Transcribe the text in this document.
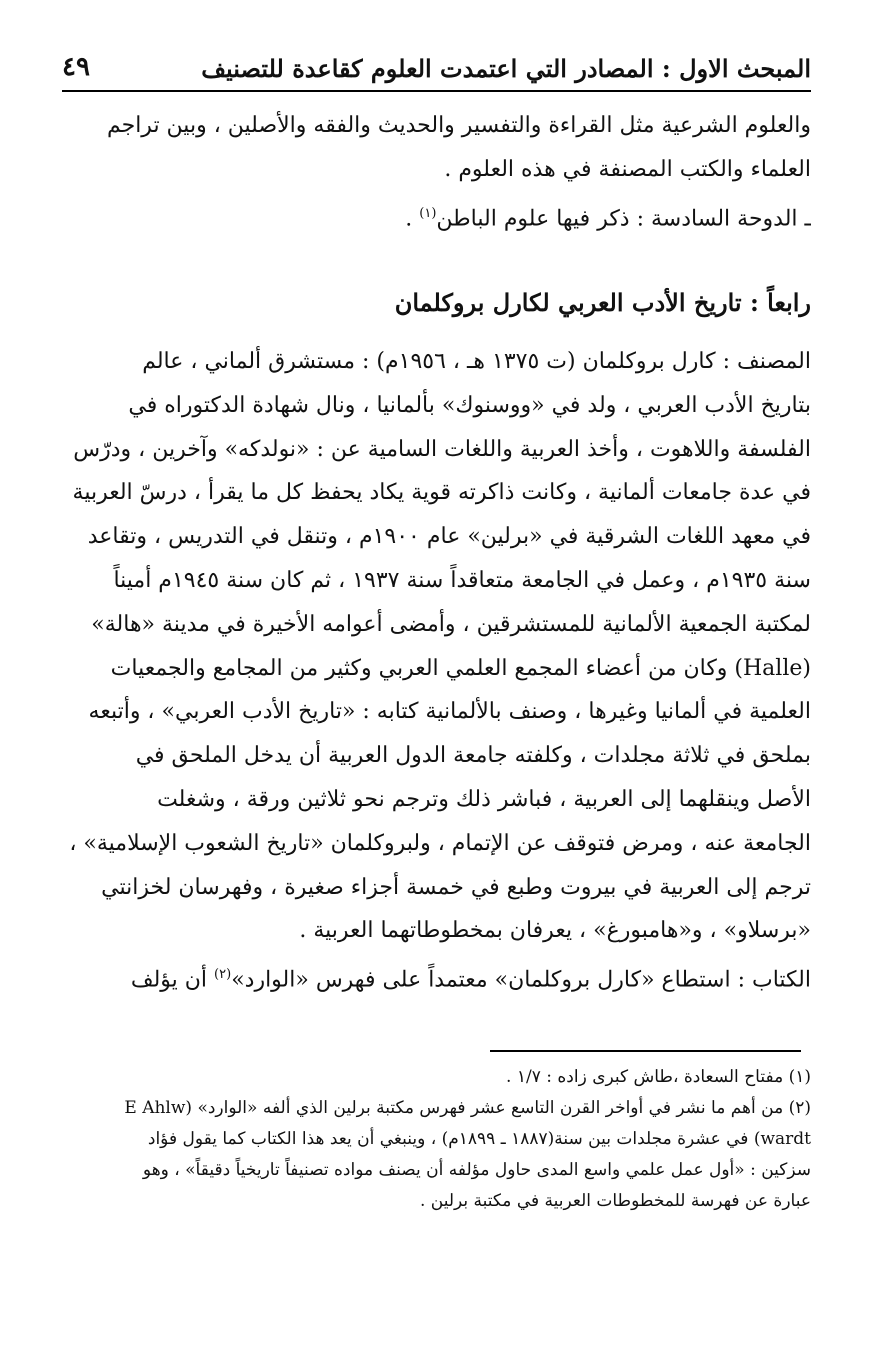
المبحث الاول : المصادر التي اعتمدت العلوم كقاعدة للتصنيف
٤٩
والعلوم الشرعية مثل القراءة والتفسير والحديث والفقه والأصلين ، وبين تراجم
العلماء والكتب المصنفة في هذه العلوم .
ـ الدوحة السادسة : ذكر فيها علوم الباطن$^{(١)}$ .
رابعاً : تاريخ الأدب العربي لكارل بروكلمان
المصنف : كارل بروكلمان (ت ١٣٧٥ هـ ، ١٩٥٦م) : مستشرق ألماني ، عالم
بتاريخ الأدب العربي ، ولد في «ووسنوك» بألمانيا ، ونال شهادة الدكتوراه في
الفلسفة واللاهوت ، وأخذ العربية واللغات السامية عن : «نولدكه» وآخرين ، ودرّس
في عدة جامعات ألمانية ، وكانت ذاكرته قوية يكاد يحفظ كل ما يقرأ ، درسّ العربية
في معهد اللغات الشرقية في «برلين» عام ١٩٠٠م ، وتنقل في التدريس ، وتقاعد
سنة ١٩٣٥م ، وعمل في الجامعة متعاقداً سنة ١٩٣٧ ، ثم كان سنة ١٩٤٥م أميناً
لمكتبة الجمعية الألمانية للمستشرقين ، وأمضى أعوامه الأخيرة في مدينة «هالة»
(Halle) وكان من أعضاء المجمع العلمي العربي وكثير من المجامع والجمعيات
العلمية في ألمانيا وغيرها ، وصنف بالألمانية كتابه : «تاريخ الأدب العربي» ، وأتبعه
بملحق في ثلاثة مجلدات ، وكلفته جامعة الدول العربية أن يدخل الملحق في
الأصل وينقلهما إلى العربية ، فباشر ذلك وترجم نحو ثلاثين ورقة ، وشغلت
الجامعة عنه ، ومرض فتوقف عن الإتمام ، ولبروكلمان «تاريخ الشعوب الإسلامية» ،
ترجم إلى العربية في بيروت وطبع في خمسة أجزاء صغيرة ، وفهرسان لخزانتي
«برسلاو» ، و«هامبورغ» ، يعرفان بمخطوطاتهما العربية .
الكتاب : استطاع «كارل بروكلمان» معتمداً على فهرس «الوارد»$^{(٢)}$ أن يؤلف
(١) مفتاح السعادة ،طاش كبرى زاده : ١/٧ .
(٢) من أهم ما نشر في أواخر القرن التاسع عشر فهرس مكتبة برلين الذي ألفه «الوارد» (E Ahlw
wardt) في عشرة مجلدات بين سنة(١٨٨٧ ـ ١٨٩٩م) ، وينبغي أن يعد هذا الكتاب كما يقول فؤاد
سزكين : «أول عمل علمي واسع المدى حاول مؤلفه أن يصنف مواده تصنيفاً تاريخياً دقيقاً» ، وهو
عبارة عن فهرسة للمخطوطات العربية في مكتبة برلين .
